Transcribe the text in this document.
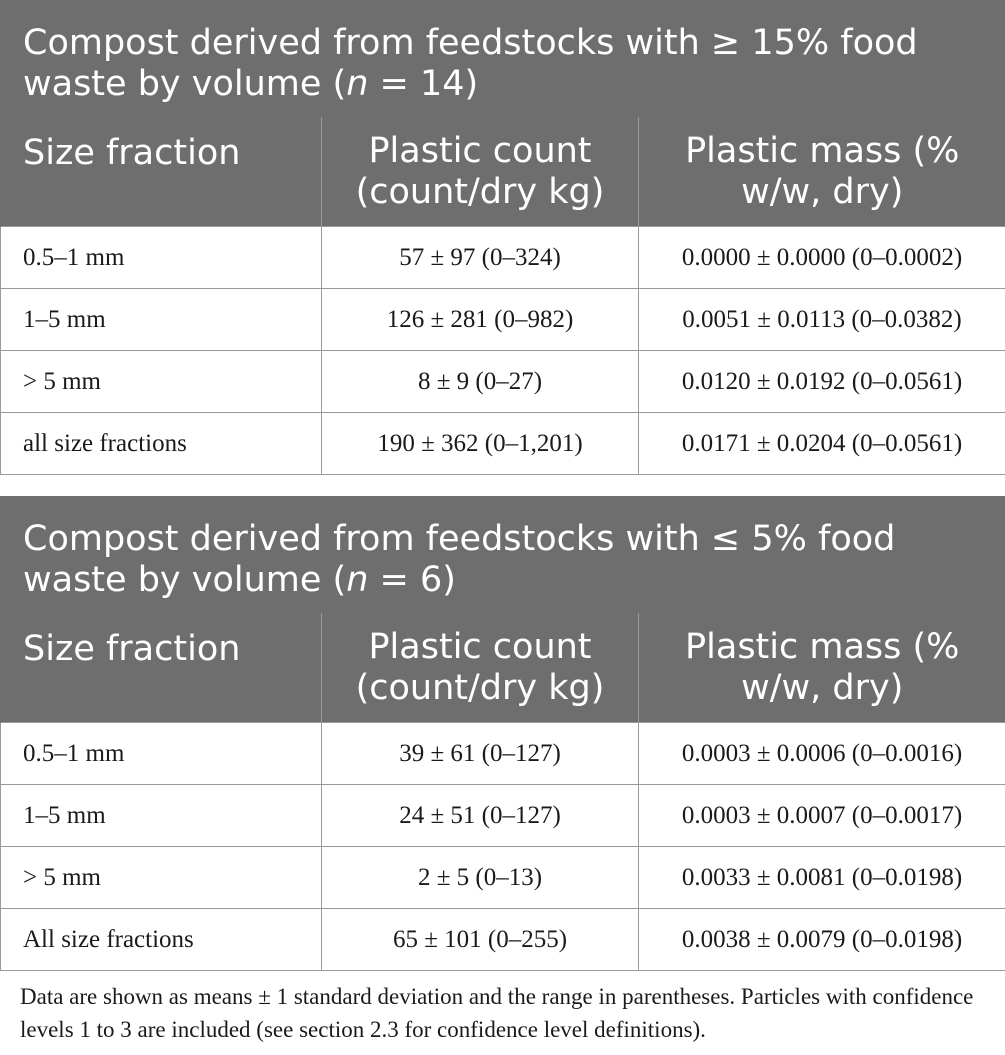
Compost derived from feedstocks with ≥ 15% food waste by volume (n = 14)		
Size fraction	Plastic count (count/dry kg)	Plastic mass (% w/w, dry)
0.5–1 mm	57 ± 97 (0–324)	0.0000 ± 0.0000 (0–0.0002)
1–5 mm	126 ± 281 (0–982)	0.0051 ± 0.0113 (0–0.0382)
> 5 mm	8 ± 9 (0–27)	0.0120 ± 0.0192 (0–0.0561)
all size fractions	190 ± 362 (0–1,201)	0.0171 ± 0.0204 (0–0.0561)
Compost derived from feedstocks with ≤ 5% food waste by volume (n = 6)		
Size fraction	Plastic count (count/dry kg)	Plastic mass (% w/w, dry)
0.5–1 mm	39 ± 61 (0–127)	0.0003 ± 0.0006 (0–0.0016)
1–5 mm	24 ± 51 (0–127)	0.0003 ± 0.0007 (0–0.0017)
> 5 mm	2 ± 5 (0–13)	0.0033 ± 0.0081 (0–0.0198)
All size fractions	65 ± 101 (0–255)	0.0038 ± 0.0079 (0–0.0198)
Data are shown as means ± 1 standard deviation and the range in parentheses. Particles with confidence levels 1 to 3 are included (see section 2.3 for confidence level definitions).
